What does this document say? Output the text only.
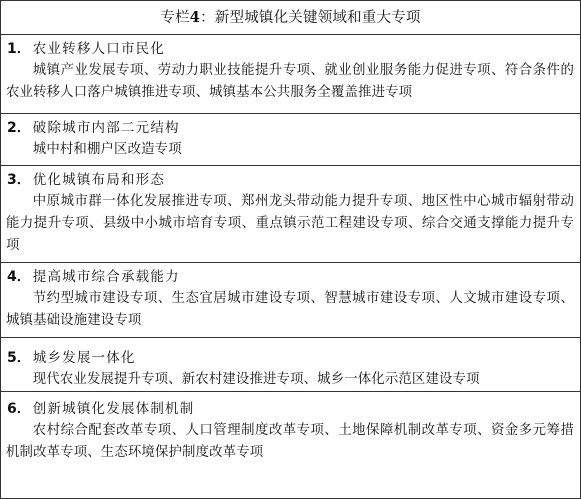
专栏4：新型城镇化关键领域和重大专项
1． 农业转移人口市民化
城镇产业发展专项、劳动力职业技能提升专项、就业创业服务能力促进专项、符合条件的农业转移人口落户城镇推进专项、城镇基本公共服务全覆盖推进专项
2． 破除城市内部二元结构
城中村和棚户区改造专项
3． 优化城镇布局和形态
中原城市群一体化发展推进专项、郑州龙头带动能力提升专项、地区性中心城市辐射带动能力提升专项、县级中小城市培育专项、重点镇示范工程建设专项、综合交通支撑能力提升专项
4． 提高城市综合承载能力
节约型城市建设专项、生态宜居城市建设专项、智慧城市建设专项、人文城市建设专项、城镇基础设施建设专项
5． 城乡发展一体化
现代农业发展提升专项、新农村建设推进专项、城乡一体化示范区建设专项
6． 创新城镇化发展体制机制
农村综合配套改革专项、人口管理制度改革专项、土地保障机制改革专项、资金多元筹措机制改革专项、生态环境保护制度改革专项
